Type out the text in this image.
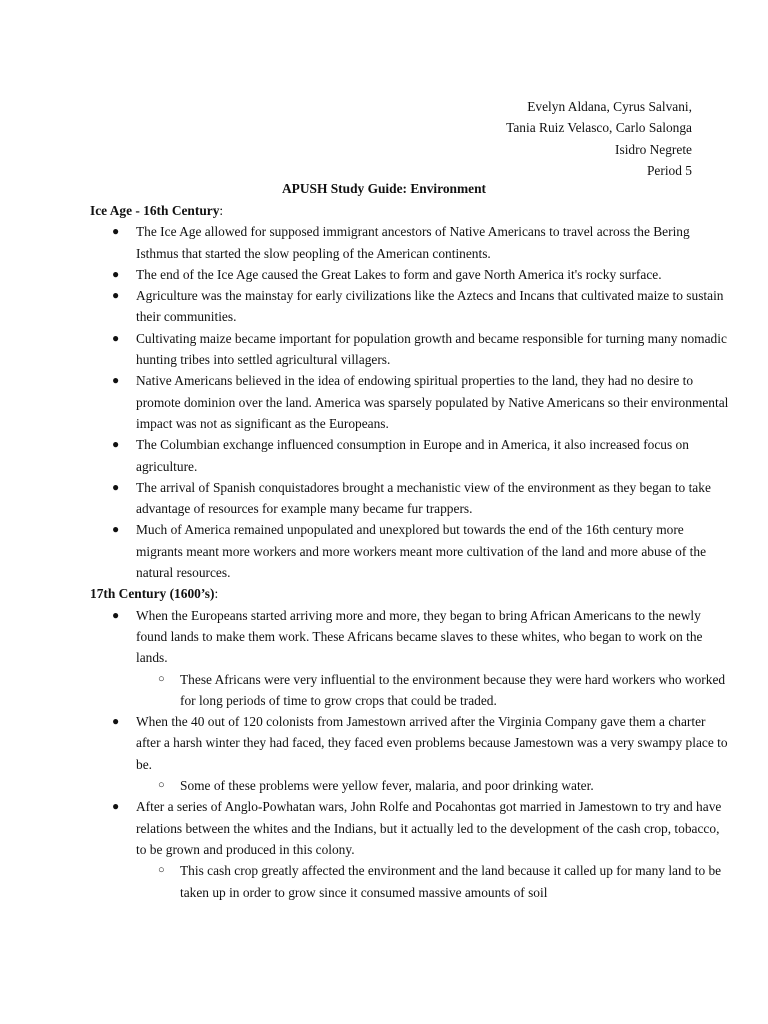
Evelyn Aldana, Cyrus Salvani,
Tania Ruiz Velasco, Carlo Salonga
Isidro Negrete
Period 5
APUSH Study Guide: Environment
Ice Age - 16th Century:
● The Ice Age allowed for supposed immigrant ancestors of Native Americans to travel across the Bering Isthmus that started the slow peopling of the American continents.
● The end of the Ice Age caused the Great Lakes to form and gave North America it's rocky surface.
● Agriculture was the mainstay for early civilizations like the Aztecs and Incans that cultivated maize to sustain their communities.
● Cultivating maize became important for population growth and became responsible for turning many nomadic hunting tribes into settled agricultural villagers.
● Native Americans believed in the idea of endowing spiritual properties to the land, they had no desire to promote dominion over the land. America was sparsely populated by Native Americans so their environmental impact was not as significant as the Europeans.
● The Columbian exchange influenced consumption in Europe and in America, it also increased focus on agriculture.
● The arrival of Spanish conquistadores brought a mechanistic view of the environment as they began to take advantage of resources for example many became fur trappers.
● Much of America remained unpopulated and unexplored but towards the end of the 16th century more migrants meant more workers and more workers meant more cultivation of the land and more abuse of the natural resources.
17th Century (1600’s):
● When the Europeans started arriving more and more, they began to bring African Americans to the newly found lands to make them work. These Africans became slaves to these whites, who began to work on the lands.
○ These Africans were very influential to the environment because they were hard workers who worked for long periods of time to grow crops that could be traded.
● When the 40 out of 120 colonists from Jamestown arrived after the Virginia Company gave them a charter after a harsh winter they had faced, they faced even problems because Jamestown was a very swampy place to be.
○ Some of these problems were yellow fever, malaria, and poor drinking water.
● After a series of Anglo-Powhatan wars, John Rolfe and Pocahontas got married in Jamestown to try and have relations between the whites and the Indians, but it actually led to the development of the cash crop, tobacco, to be grown and produced in this colony.
○ This cash crop greatly affected the environment and the land because it called up for many land to be taken up in order to grow since it consumed massive amounts of soil
